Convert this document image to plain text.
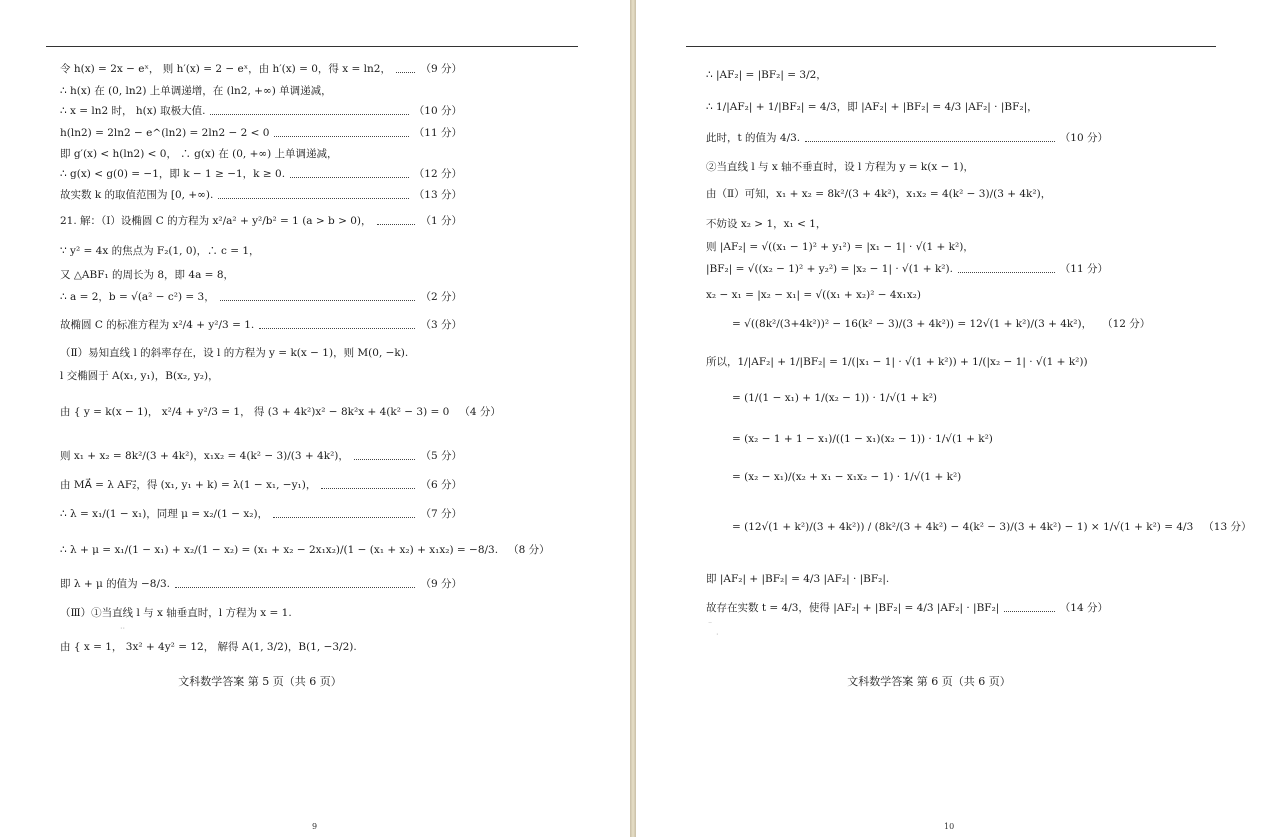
令 h(x) = 2x − eˣ， 则 h′(x) = 2 − eˣ，由 h′(x) = 0，得 x = ln2，	（9 分）
∴ h(x) 在 (0, ln2) 上单调递增，在 (ln2, +∞) 单调递减，
∴ x = ln2 时， h(x) 取极大值.	（10 分）
h(ln2) = 2ln2 − e^(ln2) = 2ln2 − 2 < 0	（11 分）
即 g′(x) < h(ln2) < 0， ∴ g(x) 在 (0, +∞) 上单调递减，
∴ g(x) < g(0) = −1，即 k − 1 ≥ −1，k ≥ 0.	（12 分）
故实数 k 的取值范围为 [0, +∞).	（13 分）
21. 解：（Ⅰ）设椭圆 C 的方程为 x²/a² + y²/b² = 1 (a > b > 0)，	（1 分）
∵ y² = 4x 的焦点为 F₂(1, 0)，∴ c = 1，
又 △ABF₁ 的周长为 8，即 4a = 8，
∴ a = 2，b = √(a² − c²) = 3，	（2 分）
故椭圆 C 的标准方程为 x²/4 + y²/3 = 1.	（3 分）
（Ⅱ）易知直线 l 的斜率存在，设 l 的方程为 y = k(x − 1)，则 M(0, −k).
l 交椭圆于 A(x₁, y₁)，B(x₂, y₂)，
由 { y = k(x − 1)， x²/4 + y²/3 = 1， 得 (3 + 4k²)x² − 8k²x + 4(k² − 3) = 0 （4 分）
则 x₁ + x₂ = 8k²/(3 + 4k²)，x₁x₂ = 4(k² − 3)/(3 + 4k²)，	（5 分）
由 MA⃗ = λ AF₂⃗，得 (x₁, y₁ + k) = λ(1 − x₁, −y₁)，	（6 分）
∴ λ = x₁/(1 − x₁)，同理 μ = x₂/(1 − x₂)，	（7 分）
∴ λ + μ = x₁/(1 − x₁) + x₂/(1 − x₂) = (x₁ + x₂ − 2x₁x₂)/(1 − (x₁ + x₂) + x₁x₂) = −8/3. （8 分）
即 λ + μ 的值为 −8/3.	（9 分）
（Ⅲ）①当直线 l 与 x 轴垂直时，l 方程为 x = 1.
由 { x = 1， 3x² + 4y² = 12， 解得 A(1, 3/2)，B(1, −3/2).
‧‧
文科数学答案 第 5 页（共 6 页）
9
∴ |AF₂| = |BF₂| = 3/2，
∴ 1/|AF₂| + 1/|BF₂| = 4/3，即 |AF₂| + |BF₂| = 4/3 |AF₂| · |BF₂|，
此时，t 的值为 4/3.	（10 分）
②当直线 l 与 x 轴不垂直时，设 l 方程为 y = k(x − 1)，
由（Ⅱ）可知，x₁ + x₂ = 8k²/(3 + 4k²)，x₁x₂ = 4(k² − 3)/(3 + 4k²)，
不妨设 x₂ > 1，x₁ < 1，
则 |AF₂| = √((x₁ − 1)² + y₁²) = |x₁ − 1| · √(1 + k²)，
|BF₂| = √((x₂ − 1)² + y₂²) = |x₂ − 1| · √(1 + k²).	（11 分）
x₂ − x₁ = |x₂ − x₁| = √((x₁ + x₂)² − 4x₁x₂)
= √((8k²/(3+4k²))² − 16(k² − 3)/(3 + 4k²)) = 12√(1 + k²)/(3 + 4k²)， （12 分）
所以，1/|AF₂| + 1/|BF₂| = 1/(|x₁ − 1| · √(1 + k²)) + 1/(|x₂ − 1| · √(1 + k²))
= (1/(1 − x₁) + 1/(x₂ − 1)) · 1/√(1 + k²)
= (x₂ − 1 + 1 − x₁)/((1 − x₁)(x₂ − 1)) · 1/√(1 + k²)
= (x₂ − x₁)/(x₂ + x₁ − x₁x₂ − 1) · 1/√(1 + k²)
= (12√(1 + k²)/(3 + 4k²)) / (8k²/(3 + 4k²) − 4(k² − 3)/(3 + 4k²) − 1) × 1/√(1 + k²) = 4/3 （13 分）
即 |AF₂| + |BF₂| = 4/3 |AF₂| · |BF₂|.
故存在实数 t = 4/3，使得 |AF₂| + |BF₂| = 4/3 |AF₂| · |BF₂|	（14 分）
⁻
‧
文科数学答案 第 6 页（共 6 页）
10
